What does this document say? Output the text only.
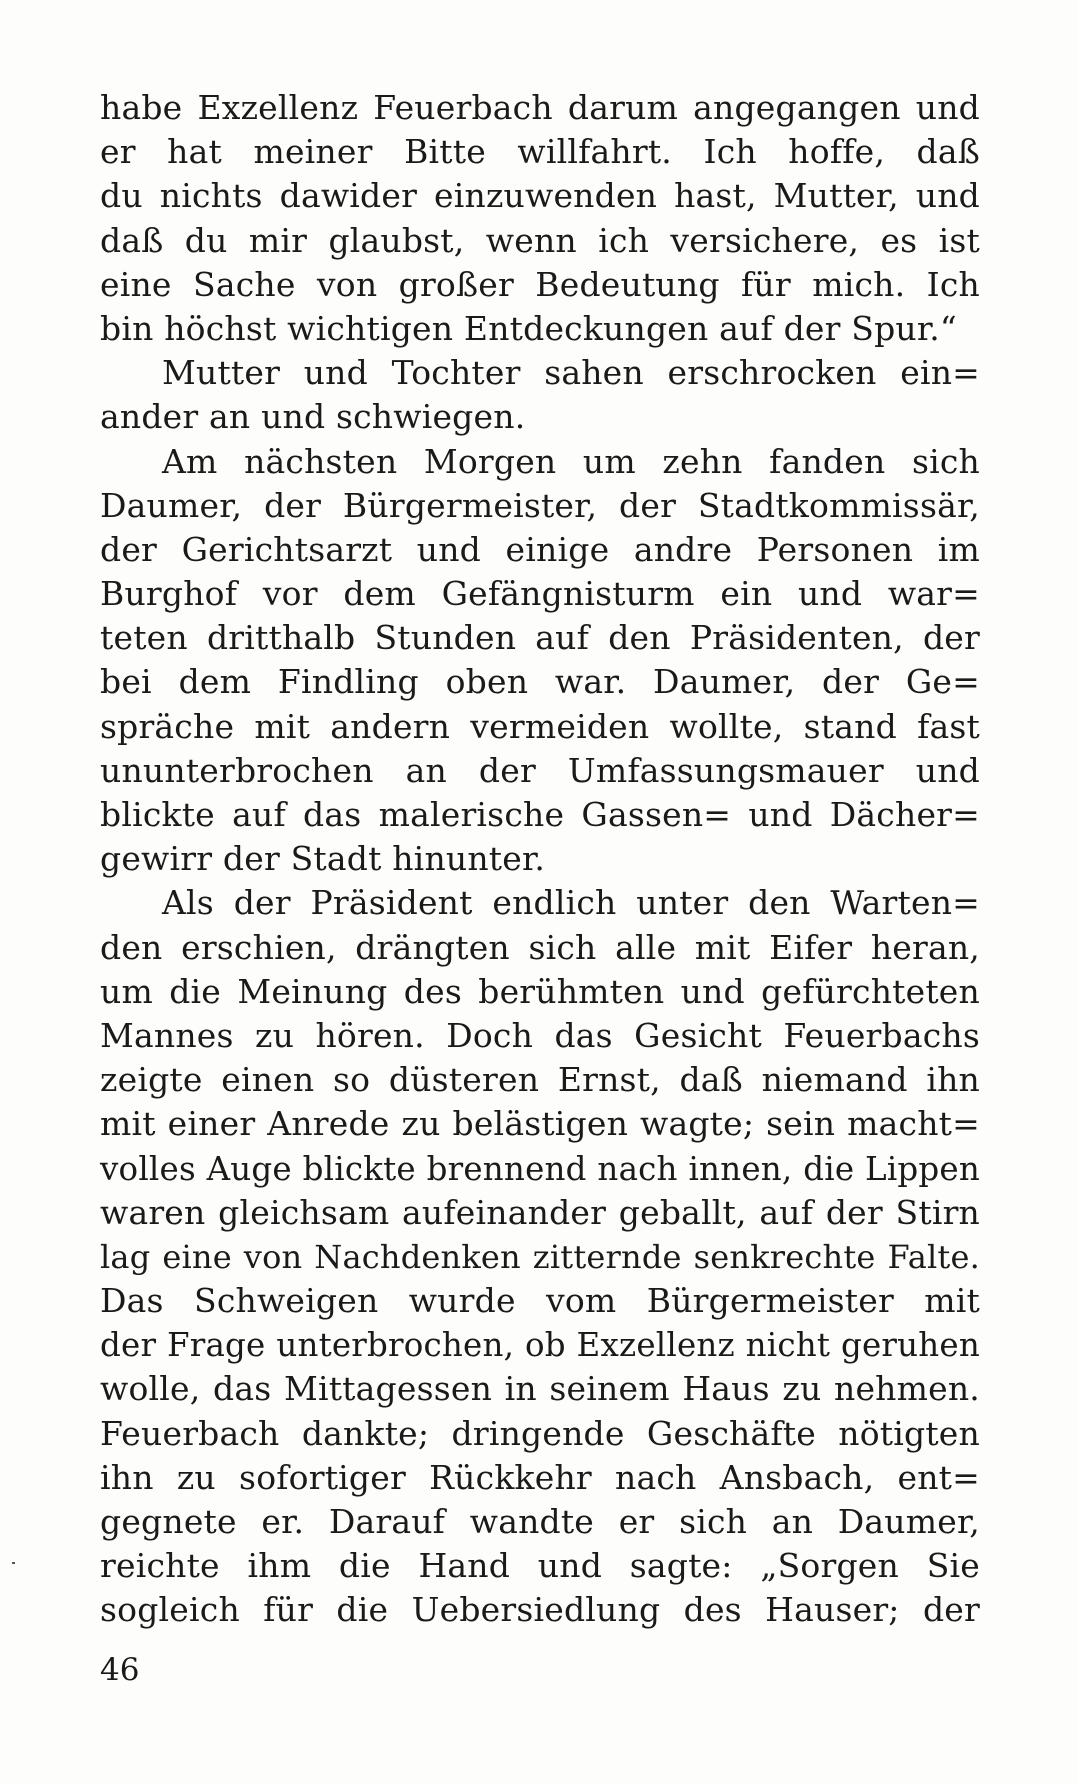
habe Exzellenz Feuerbach darum angegangen und
er hat meiner Bitte willfahrt. Ich hoffe, daß
du nichts dawider einzuwenden hast, Mutter, und
daß du mir glaubst, wenn ich versichere, es ist
eine Sache von großer Bedeutung für mich. Ich
bin höchst wichtigen Entdeckungen auf der Spur.“
Mutter und Tochter sahen erschrocken ein=
ander an und schwiegen.
Am nächsten Morgen um zehn fanden sich
Daumer, der Bürgermeister, der Stadtkommissär,
der Gerichtsarzt und einige andre Personen im
Burghof vor dem Gefängnisturm ein und war=
teten dritthalb Stunden auf den Präsidenten, der
bei dem Findling oben war. Daumer, der Ge=
spräche mit andern vermeiden wollte, stand fast
ununterbrochen an der Umfassungsmauer und
blickte auf das malerische Gassen= und Dächer=
gewirr der Stadt hinunter.
Als der Präsident endlich unter den Warten=
den erschien, drängten sich alle mit Eifer heran,
um die Meinung des berühmten und gefürchteten
Mannes zu hören. Doch das Gesicht Feuerbachs
zeigte einen so düsteren Ernst, daß niemand ihn
mit einer Anrede zu belästigen wagte; sein macht=
volles Auge blickte brennend nach innen, die Lippen
waren gleichsam aufeinander geballt, auf der Stirn
lag eine von Nachdenken zitternde senkrechte Falte.
Das Schweigen wurde vom Bürgermeister mit
der Frage unterbrochen, ob Exzellenz nicht geruhen
wolle, das Mittagessen in seinem Haus zu nehmen.
Feuerbach dankte; dringende Geschäfte nötigten
ihn zu sofortiger Rückkehr nach Ansbach, ent=
gegnete er. Darauf wandte er sich an Daumer,
reichte ihm die Hand und sagte: „Sorgen Sie
sogleich für die Uebersiedlung des Hauser; der
46
